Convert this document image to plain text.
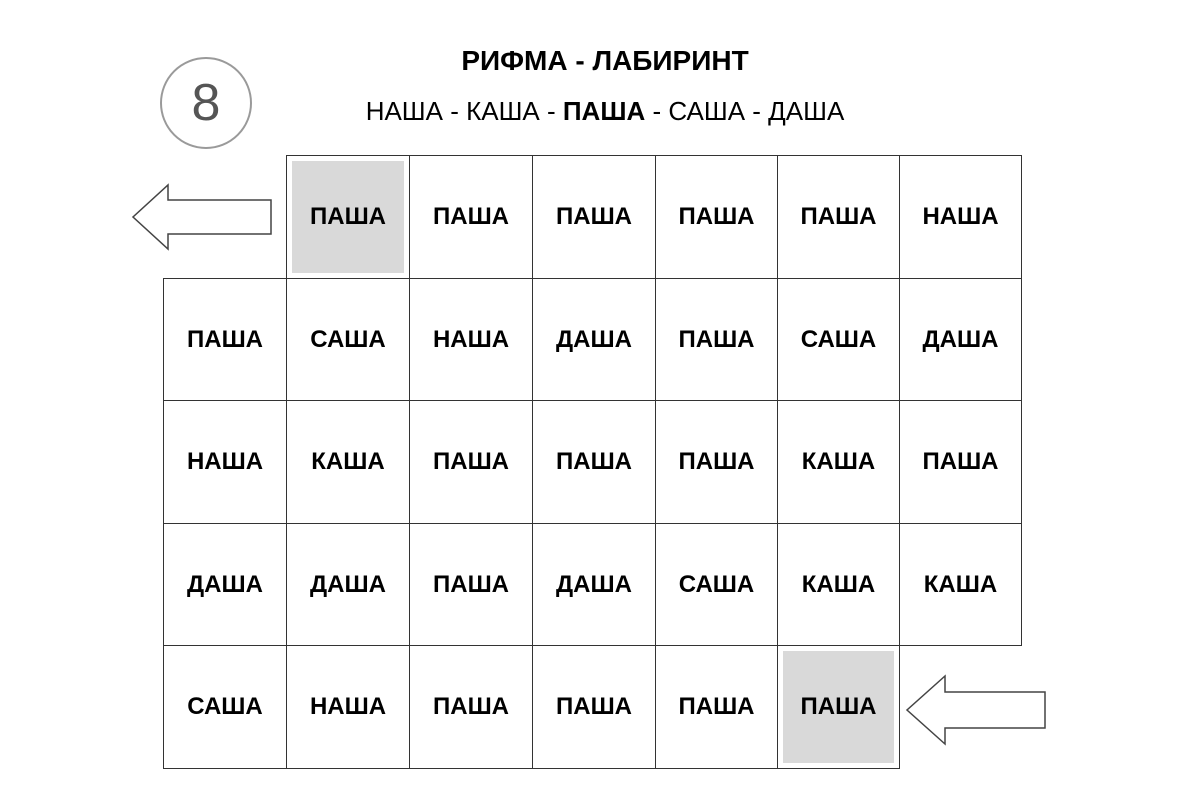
8
РИФМА - ЛАБИРИНТ
НАША - КАША - ПАША - САША - ДАША
ПАША ПАША ПАША ПАША ПАША НАША
ПАША САША НАША ДАША ПАША САША ДАША
НАША КАША ПАША ПАША ПАША КАША ПАША
ДАША ДАША ПАША ДАША САША КАША КАША
САША НАША ПАША ПАША ПАША ПАША
